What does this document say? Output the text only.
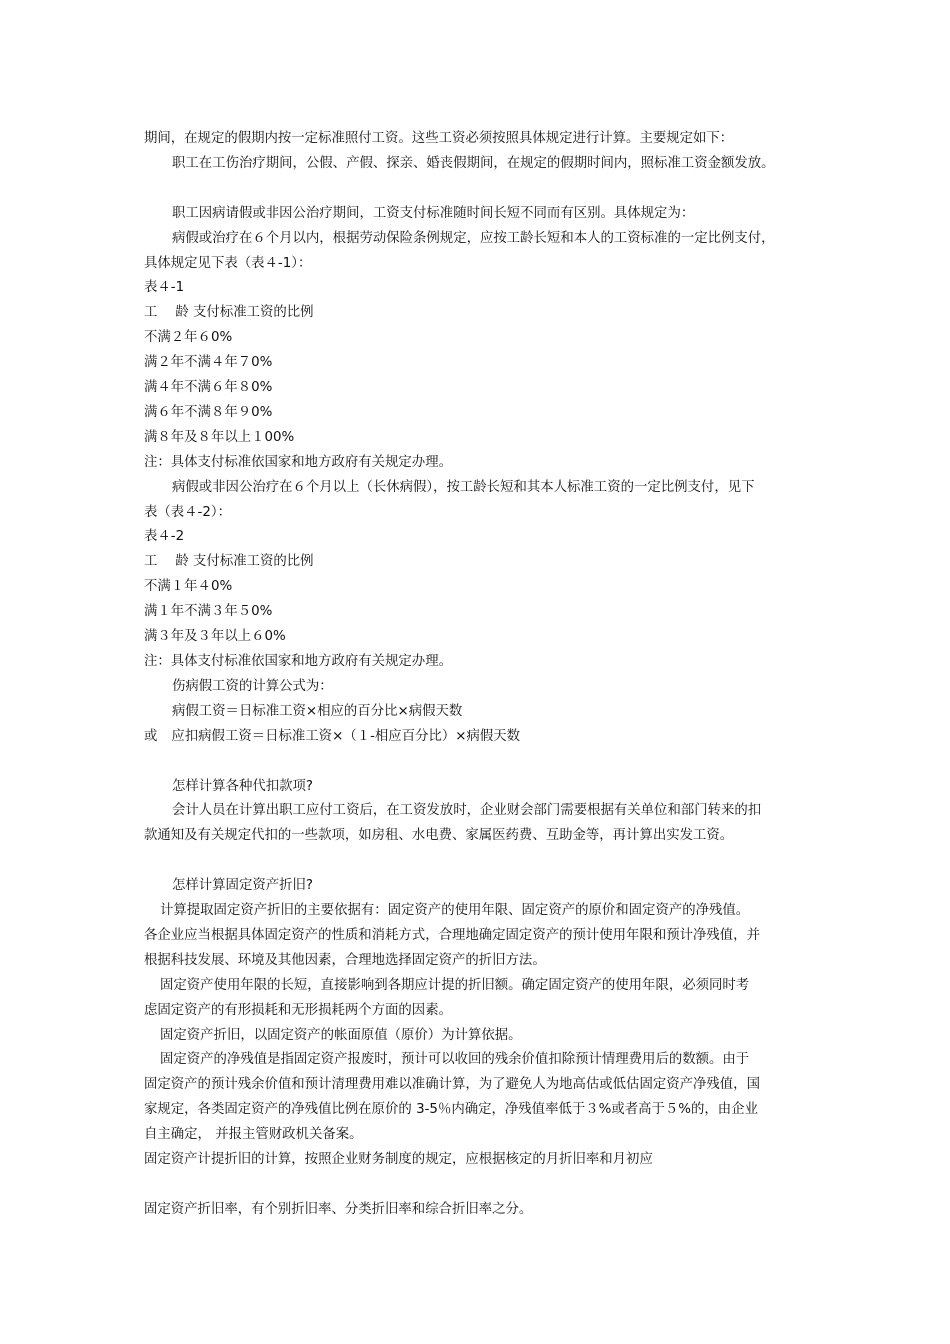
期间，在规定的假期内按一定标准照付工资。这些工资必须按照具体规定进行计算。主要规定如下：
职工在工伤治疗期间，公假、产假、探亲、婚丧假期间，在规定的假期时间内，照标准工资金额发放。
职工因病请假或非因公治疗期间，工资支付标准随时间长短不同而有区别。具体规定为：
病假或治疗在６个月以内，根据劳动保险条例规定，应按工龄长短和本人的工资标准的一定比例支付，
具体规定见下表（表４-1）：
表４-1
工 龄 支付标准工资的比例
不满２年６0%
满２年不满４年７0%
满４年不满６年８0%
满６年不满８年９0%
满８年及８年以上１00%
注：具体支付标准依国家和地方政府有关规定办理。
病假或非因公治疗在６个月以上（长休病假），按工龄长短和其本人标准工资的一定比例支付，见下
表（表４-2）：
表４-2
工 龄 支付标准工资的比例
不满１年４0%
满１年不满３年５0%
满３年及３年以上６0%
注：具体支付标准依国家和地方政府有关规定办理。
伤病假工资的计算公式为：
病假工资＝日标准工资×相应的百分比×病假天数
或 应扣病假工资＝日标准工资×（１-相应百分比）×病假天数
怎样计算各种代扣款项?
会计人员在计算出职工应付工资后，在工资发放时，企业财会部门需要根据有关单位和部门转来的扣
款通知及有关规定代扣的一些款项，如房租、水电费、家属医药费、互助金等，再计算出实发工资。
怎样计算固定资产折旧?
计算提取固定资产折旧的主要依据有：固定资产的使用年限、固定资产的原价和固定资产的净残值。
各企业应当根据具体固定资产的性质和消耗方式，合理地确定固定资产的预计使用年限和预计净残值，并
根据科技发展、环境及其他因素，合理地选择固定资产的折旧方法。
固定资产使用年限的长短，直接影响到各期应计提的折旧额。确定固定资产的使用年限，必须同时考
虑固定资产的有形损耗和无形损耗两个方面的因素。
固定资产折旧，以固定资产的帐面原值（原价）为计算依据。
固定资产的净残值是指固定资产报废时，预计可以收回的残余价值扣除预计情理费用后的数额。由于
固定资产的预计残余价值和预计清理费用难以准确计算，为了避免人为地高估或低估固定资产净残值，国
家规定，各类固定资产的净残值比例在原价的 3-5％内确定，净残值率低于３%或者高于５%的，由企业
自主确定， 并报主管财政机关备案。
固定资产计提折旧的计算，按照企业财务制度的规定，应根据核定的月折旧率和月初应
固定资产折旧率，有个别折旧率、分类折旧率和综合折旧率之分。
